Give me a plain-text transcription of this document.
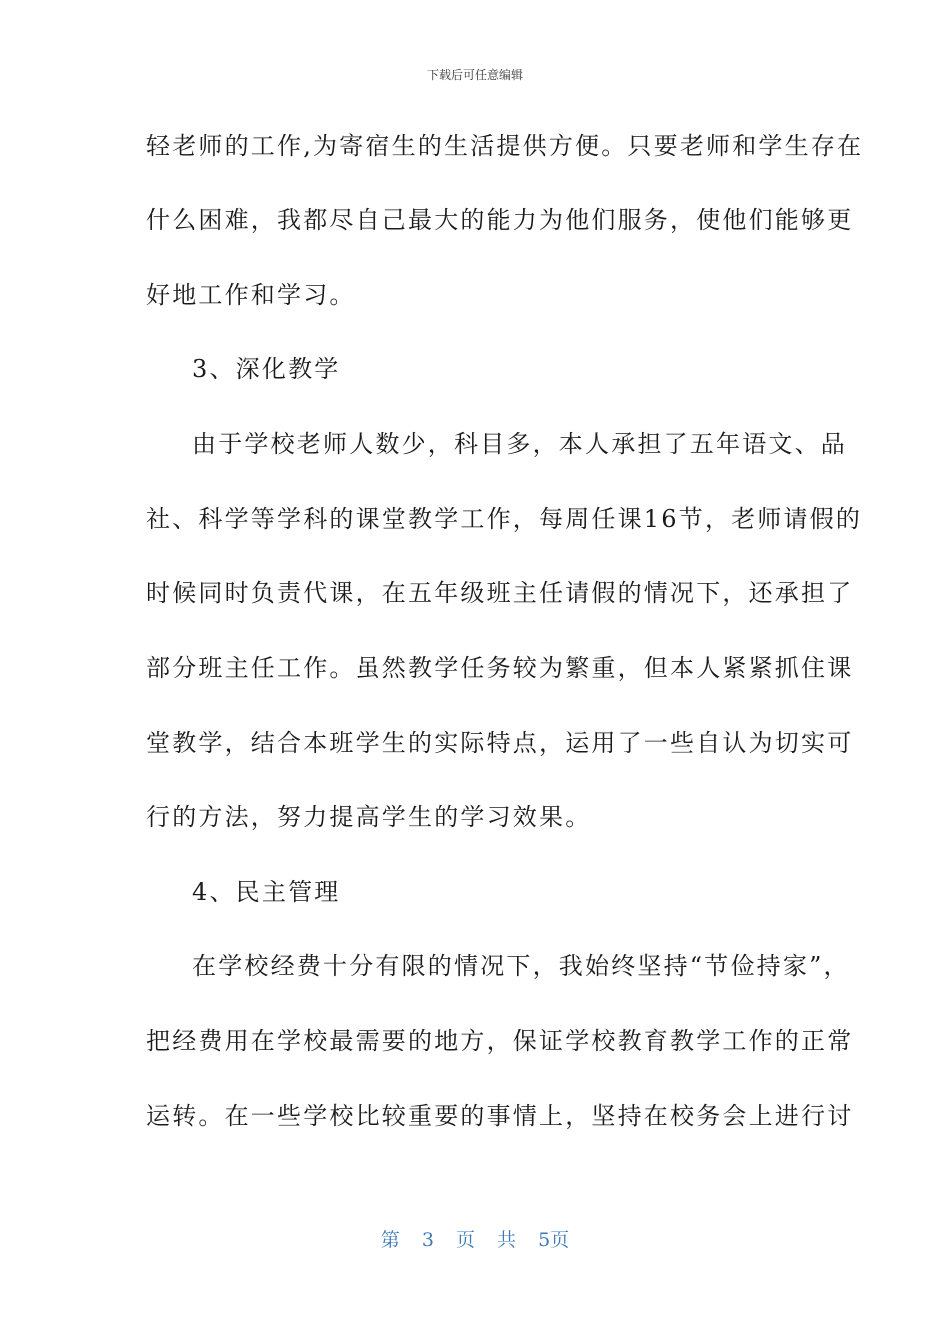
下载后可任意编辑
轻老师的工作,为寄宿生的生活提供方便。只要老师和学生存在
什么困难，我都尽自己最大的能力为他们服务，使他们能够更
好地工作和学习。
3、深化教学
由于学校老师人数少，科目多，本人承担了五年语文、品
社、科学等学科的课堂教学工作，每周任课16节，老师请假的
时候同时负责代课，在五年级班主任请假的情况下，还承担了
部分班主任工作。虽然教学任务较为繁重，但本人紧紧抓住课
堂教学，结合本班学生的实际特点，运用了一些自认为切实可
行的方法，努力提高学生的学习效果。
4、民主管理
在学校经费十分有限的情况下，我始终坚持“节俭持家”，
把经费用在学校最需要的地方，保证学校教育教学工作的正常
运转。在一些学校比较重要的事情上，坚持在校务会上进行讨
第 3 页 共 5页
